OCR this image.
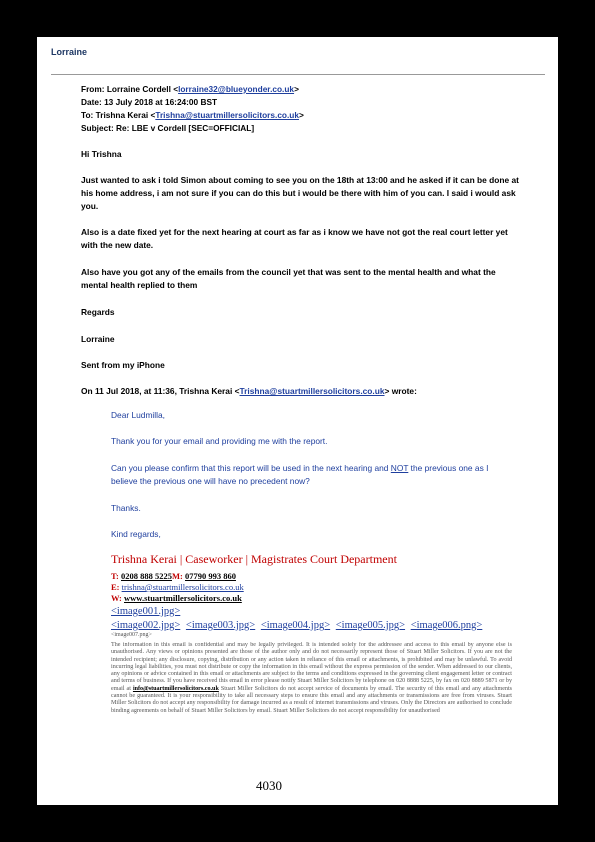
Lorraine
From: Lorraine Cordell <lorraine32@blueyonder.co.uk>
Date: 13 July 2018 at 16:24:00 BST
To: Trishna Kerai <Trishna@stuartmillersolicitors.co.uk>
Subject: Re: LBE v Cordell [SEC=OFFICIAL]
Hi Trishna
Just wanted to ask i told Simon about coming to see you on the 18th at 13:00 and he asked if it can be done at his home address, i am not sure if you can do this but i would be there with him of you can. I said i would ask you.
Also is a date fixed yet for the next hearing at court as far as i know we have not got the real court letter yet with the new date.
Also have you got any of the emails from the council yet that was sent to the mental health and what the mental health replied to them
Regards
Lorraine
Sent from my iPhone
On 11 Jul 2018, at 11:36, Trishna Kerai <Trishna@stuartmillersolicitors.co.uk> wrote:
Dear Ludmilla,
Thank you for your email and providing me with the report.
Can you please confirm that this report will be used in the next hearing and NOT the previous one as I believe the previous one will have no precedent now?
Thanks.
Kind regards,
Trishna Kerai | Caseworker | Magistrates Court Department
T: 0208 888 5225M: 07790 993 860
E: trishna@stuartmillersolicitors.co.uk
W: www.stuartmillersolicitors.co.uk
<image001.jpg>
<image002.jpg> <image003.jpg> <image004.jpg> <image005.jpg> <image006.png>
<image007.png>
The information in this email is confidential and may be legally privileged. It is intended solely for the addressee and access to this email by anyone else is unauthorised. Any views or opinions presented are those of the author only and do not necessarily represent those of Stuart Miller Solicitors. If you are not the intended recipient; any disclosure, copying, distribution or any action taken in reliance of this email or attachments, is prohibited and may be unlawful. To avoid incurring legal liabilities, you must not distribute or copy the information in this email without the express permission of the sender. When addressed to our clients, any opinions or advice contained in this email or attachments are subject to the terms and conditions expressed in the governing client engagement letter or contract and terms of business. If you have received this email in error please notify Stuart Miller Solicitors by telephone on 020 8888 5225, by fax on 020 8889 5871 or by email at info@stuartmillersolicitors.co.uk Stuart Miller Solicitors do not accept service of documents by email. The security of this email and any attachments cannot be guaranteed. It is your responsibility to take all necessary steps to ensure this email and any attachments or transmissions are free from viruses. Stuart Miller Solicitors do not accept any responsibility for damage incurred as a result of internet transmissions and viruses. Only the Directors are authorised to conclude binding agreements on behalf of Stuart Miller Solicitors by email. Stuart Miller Solicitors do not accept responsibility for unauthorised
4030
